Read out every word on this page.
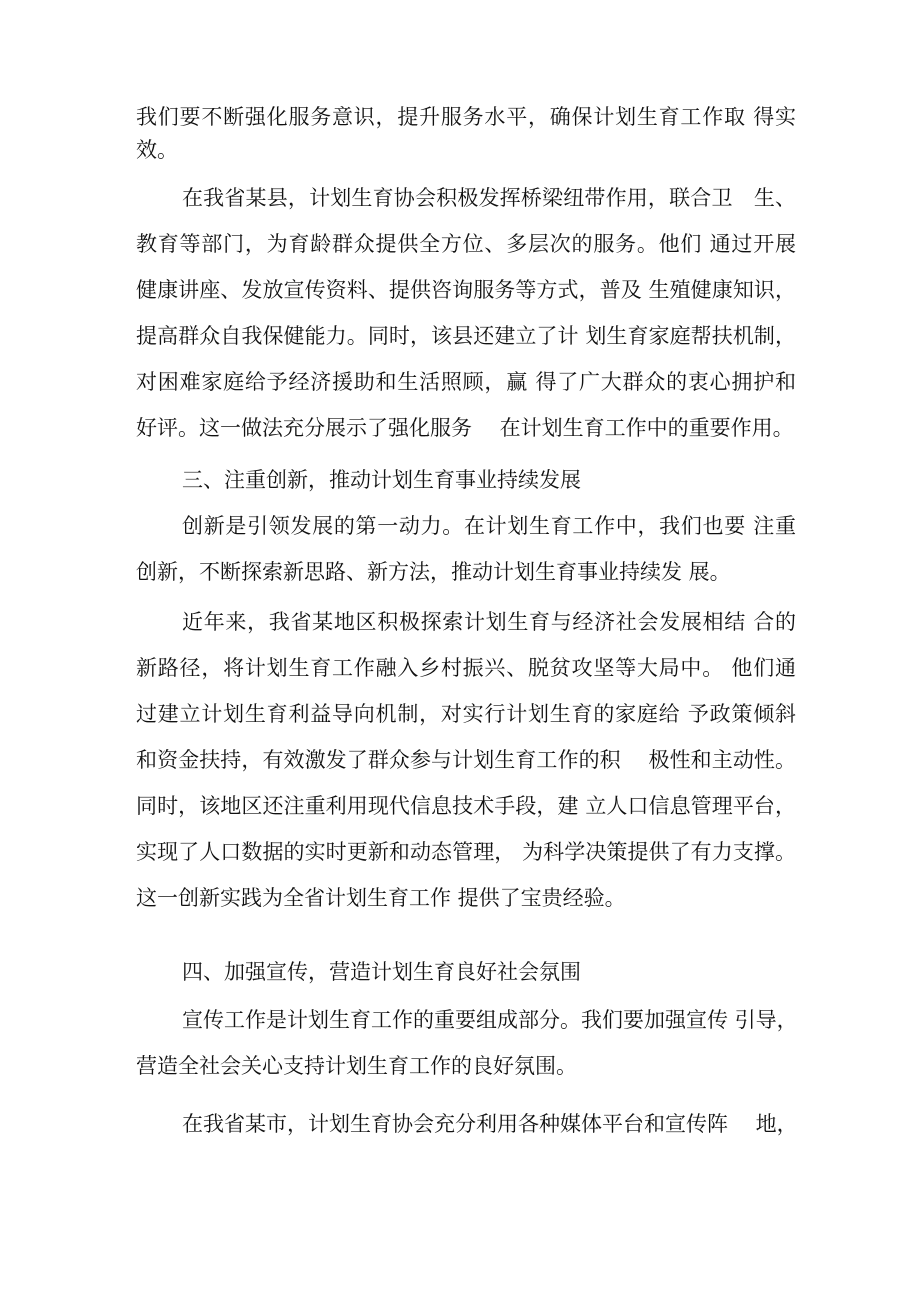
我们要不断强化服务意识，提升服务水平，确保计划生育工作取 得实
效。
在我省某县，计划生育协会积极发挥桥梁纽带作用，联合卫　生、
教育等部门，为育龄群众提供全方位、多层次的服务。他们 通过开展
健康讲座、发放宣传资料、提供咨询服务等方式，普及 生殖健康知识，
提高群众自我保健能力。同时，该县还建立了计 划生育家庭帮扶机制，
对困难家庭给予经济援助和生活照顾，赢 得了广大群众的衷心拥护和
好评。这一做法充分展示了强化服务　 在计划生育工作中的重要作用。
三、注重创新，推动计划生育事业持续发展
创新是引领发展的第一动力。在计划生育工作中，我们也要 注重
创新，不断探索新思路、新方法，推动计划生育事业持续发 展。
近年来，我省某地区积极探索计划生育与经济社会发展相结 合的
新路径，将计划生育工作融入乡村振兴、脱贫攻坚等大局中。 他们通
过建立计划生育利益导向机制，对实行计划生育的家庭给 予政策倾斜
和资金扶持，有效激发了群众参与计划生育工作的积　 极性和主动性。
同时，该地区还注重利用现代信息技术手段，建 立人口信息管理平台，
实现了人口数据的实时更新和动态管理， 为科学决策提供了有力支撑。
这一创新实践为全省计划生育工作 提供了宝贵经验。
四、加强宣传，营造计划生育良好社会氛围
宣传工作是计划生育工作的重要组成部分。我们要加强宣传 引导，
营造全社会关心支持计划生育工作的良好氛围。
在我省某市，计划生育协会充分利用各种媒体平台和宣传阵　 地，
